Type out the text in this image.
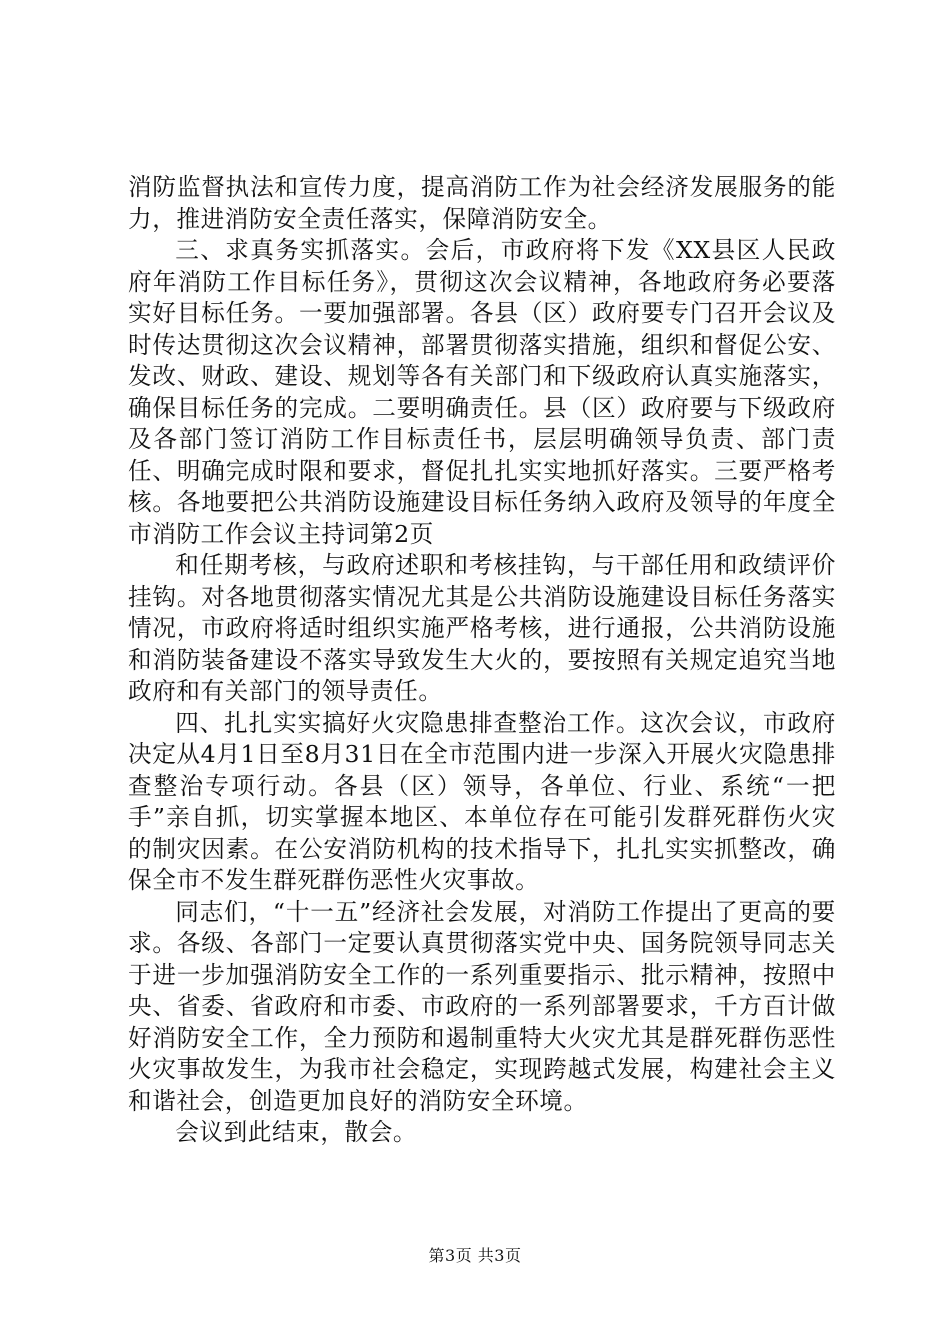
消防监督执法和宣传力度，提高消防工作为社会经济发展服务的能力，推进消防安全责任落实，保障消防安全。

三、求真务实抓落实。会后，市政府将下发《XX县区人民政府年消防工作目标任务》，贯彻这次会议精神，各地政府务必要落实好目标任务。一要加强部署。各县（区）政府要专门召开会议及时传达贯彻这次会议精神，部署贯彻落实措施，组织和督促公安、发改、财政、建设、规划等各有关部门和下级政府认真实施落实，确保目标任务的完成。二要明确责任。县（区）政府要与下级政府及各部门签订消防工作目标责任书，层层明确领导负责、部门责任、明确完成时限和要求，督促扎扎实实地抓好落实。三要严格考核。各地要把公共消防设施建设目标任务纳入政府及领导的年度全市消防工作会议主持词第2页

和任期考核，与政府述职和考核挂钩，与干部任用和政绩评价挂钩。对各地贯彻落实情况尤其是公共消防设施建设目标任务落实情况，市政府将适时组织实施严格考核，进行通报，公共消防设施和消防装备建设不落实导致发生大火的，要按照有关规定追究当地政府和有关部门的领导责任。

四、扎扎实实搞好火灾隐患排查整治工作。这次会议，市政府决定从4月1日至8月31日在全市范围内进一步深入开展火灾隐患排查整治专项行动。各县（区）领导，各单位、行业、系统“一把手”亲自抓，切实掌握本地区、本单位存在可能引发群死群伤火灾的制灾因素。在公安消防机构的技术指导下，扎扎实实抓整改，确保全市不发生群死群伤恶性火灾事故。

同志们，“十一五”经济社会发展，对消防工作提出了更高的要求。各级、各部门一定要认真贯彻落实党中央、国务院领导同志关于进一步加强消防安全工作的一系列重要指示、批示精神，按照中央、省委、省政府和市委、市政府的一系列部署要求，千方百计做好消防安全工作，全力预防和遏制重特大火灾尤其是群死群伤恶性火灾事故发生，为我市社会稳定，实现跨越式发展，构建社会主义和谐社会，创造更加良好的消防安全环境。

会议到此结束，散会。

第3页 共3页
